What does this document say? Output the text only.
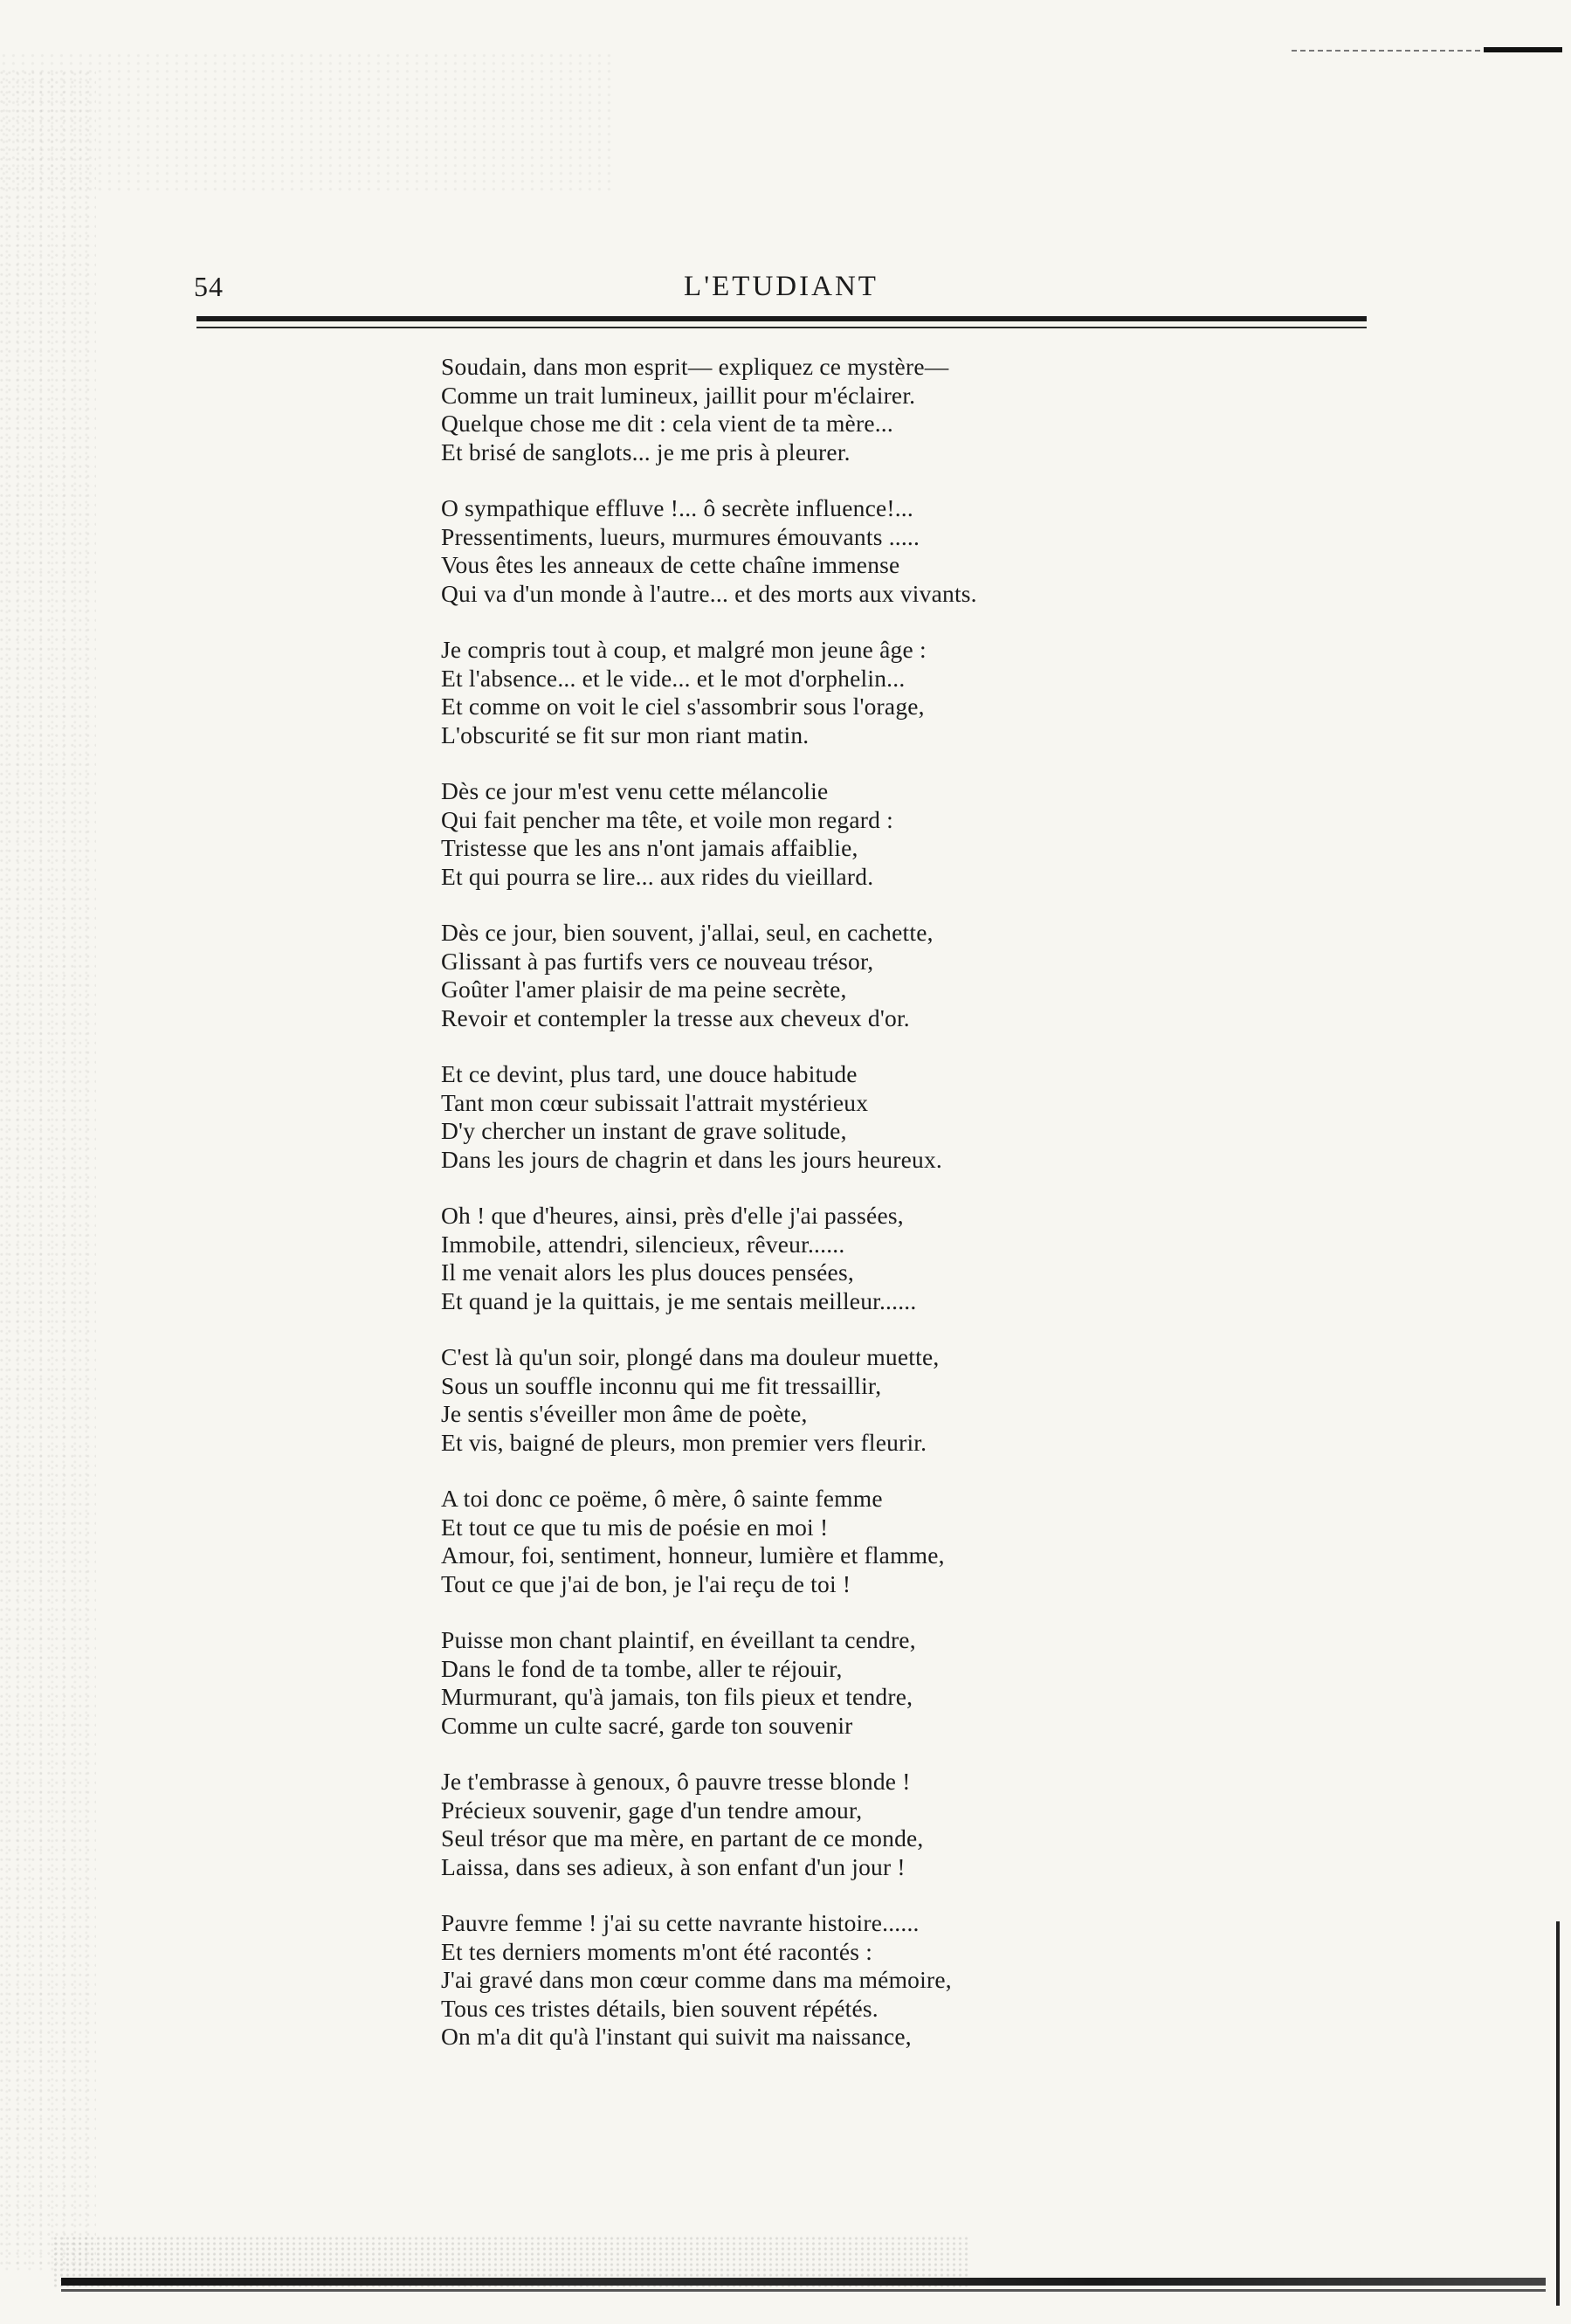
54	L'ETUDIANT
Soudain, dans mon esprit— expliquez ce mystère—
Comme un trait lumineux, jaillit pour m'éclairer.
Quelque chose me dit : cela vient de ta mère...
Et brisé de sanglots... je me pris à pleurer.
O sympathique effluve !... ô secrète influence!...
Pressentiments, lueurs, murmures émouvants .....
Vous êtes les anneaux de cette chaîne immense
Qui va d'un monde à l'autre... et des morts aux vivants.
Je compris tout à coup, et malgré mon jeune âge :
Et l'absence... et le vide... et le mot d'orphelin...
Et comme on voit le ciel s'assombrir sous l'orage,
L'obscurité se fit sur mon riant matin.
Dès ce jour m'est venu cette mélancolie
Qui fait pencher ma tête, et voile mon regard :
Tristesse que les ans n'ont jamais affaiblie,
Et qui pourra se lire... aux rides du vieillard.
Dès ce jour, bien souvent, j'allai, seul, en cachette,
Glissant à pas furtifs vers ce nouveau trésor,
Goûter l'amer plaisir de ma peine secrète,
Revoir et contempler la tresse aux cheveux d'or.
Et ce devint, plus tard, une douce habitude
Tant mon cœur subissait l'attrait mystérieux
D'y chercher un instant de grave solitude,
Dans les jours de chagrin et dans les jours heureux.
Oh ! que d'heures, ainsi, près d'elle j'ai passées,
Immobile, attendri, silencieux, rêveur......
Il me venait alors les plus douces pensées,
Et quand je la quittais, je me sentais meilleur......
C'est là qu'un soir, plongé dans ma douleur muette,
Sous un souffle inconnu qui me fit tressaillir,
Je sentis s'éveiller mon âme de poète,
Et vis, baigné de pleurs, mon premier vers fleurir.
A toi donc ce poëme, ô mère, ô sainte femme
Et tout ce que tu mis de poésie en moi !
Amour, foi, sentiment, honneur, lumière et flamme,
Tout ce que j'ai de bon, je l'ai reçu de toi !
Puisse mon chant plaintif, en éveillant ta cendre,
Dans le fond de ta tombe, aller te réjouir,
Murmurant, qu'à jamais, ton fils pieux et tendre,
Comme un culte sacré, garde ton souvenir
Je t'embrasse à genoux, ô pauvre tresse blonde !
Précieux souvenir, gage d'un tendre amour,
Seul trésor que ma mère, en partant de ce monde,
Laissa, dans ses adieux, à son enfant d'un jour !
Pauvre femme ! j'ai su cette navrante histoire......
Et tes derniers moments m'ont été racontés :
J'ai gravé dans mon cœur comme dans ma mémoire,
Tous ces tristes détails, bien souvent répétés.
On m'a dit qu'à l'instant qui suivit ma naissance,
